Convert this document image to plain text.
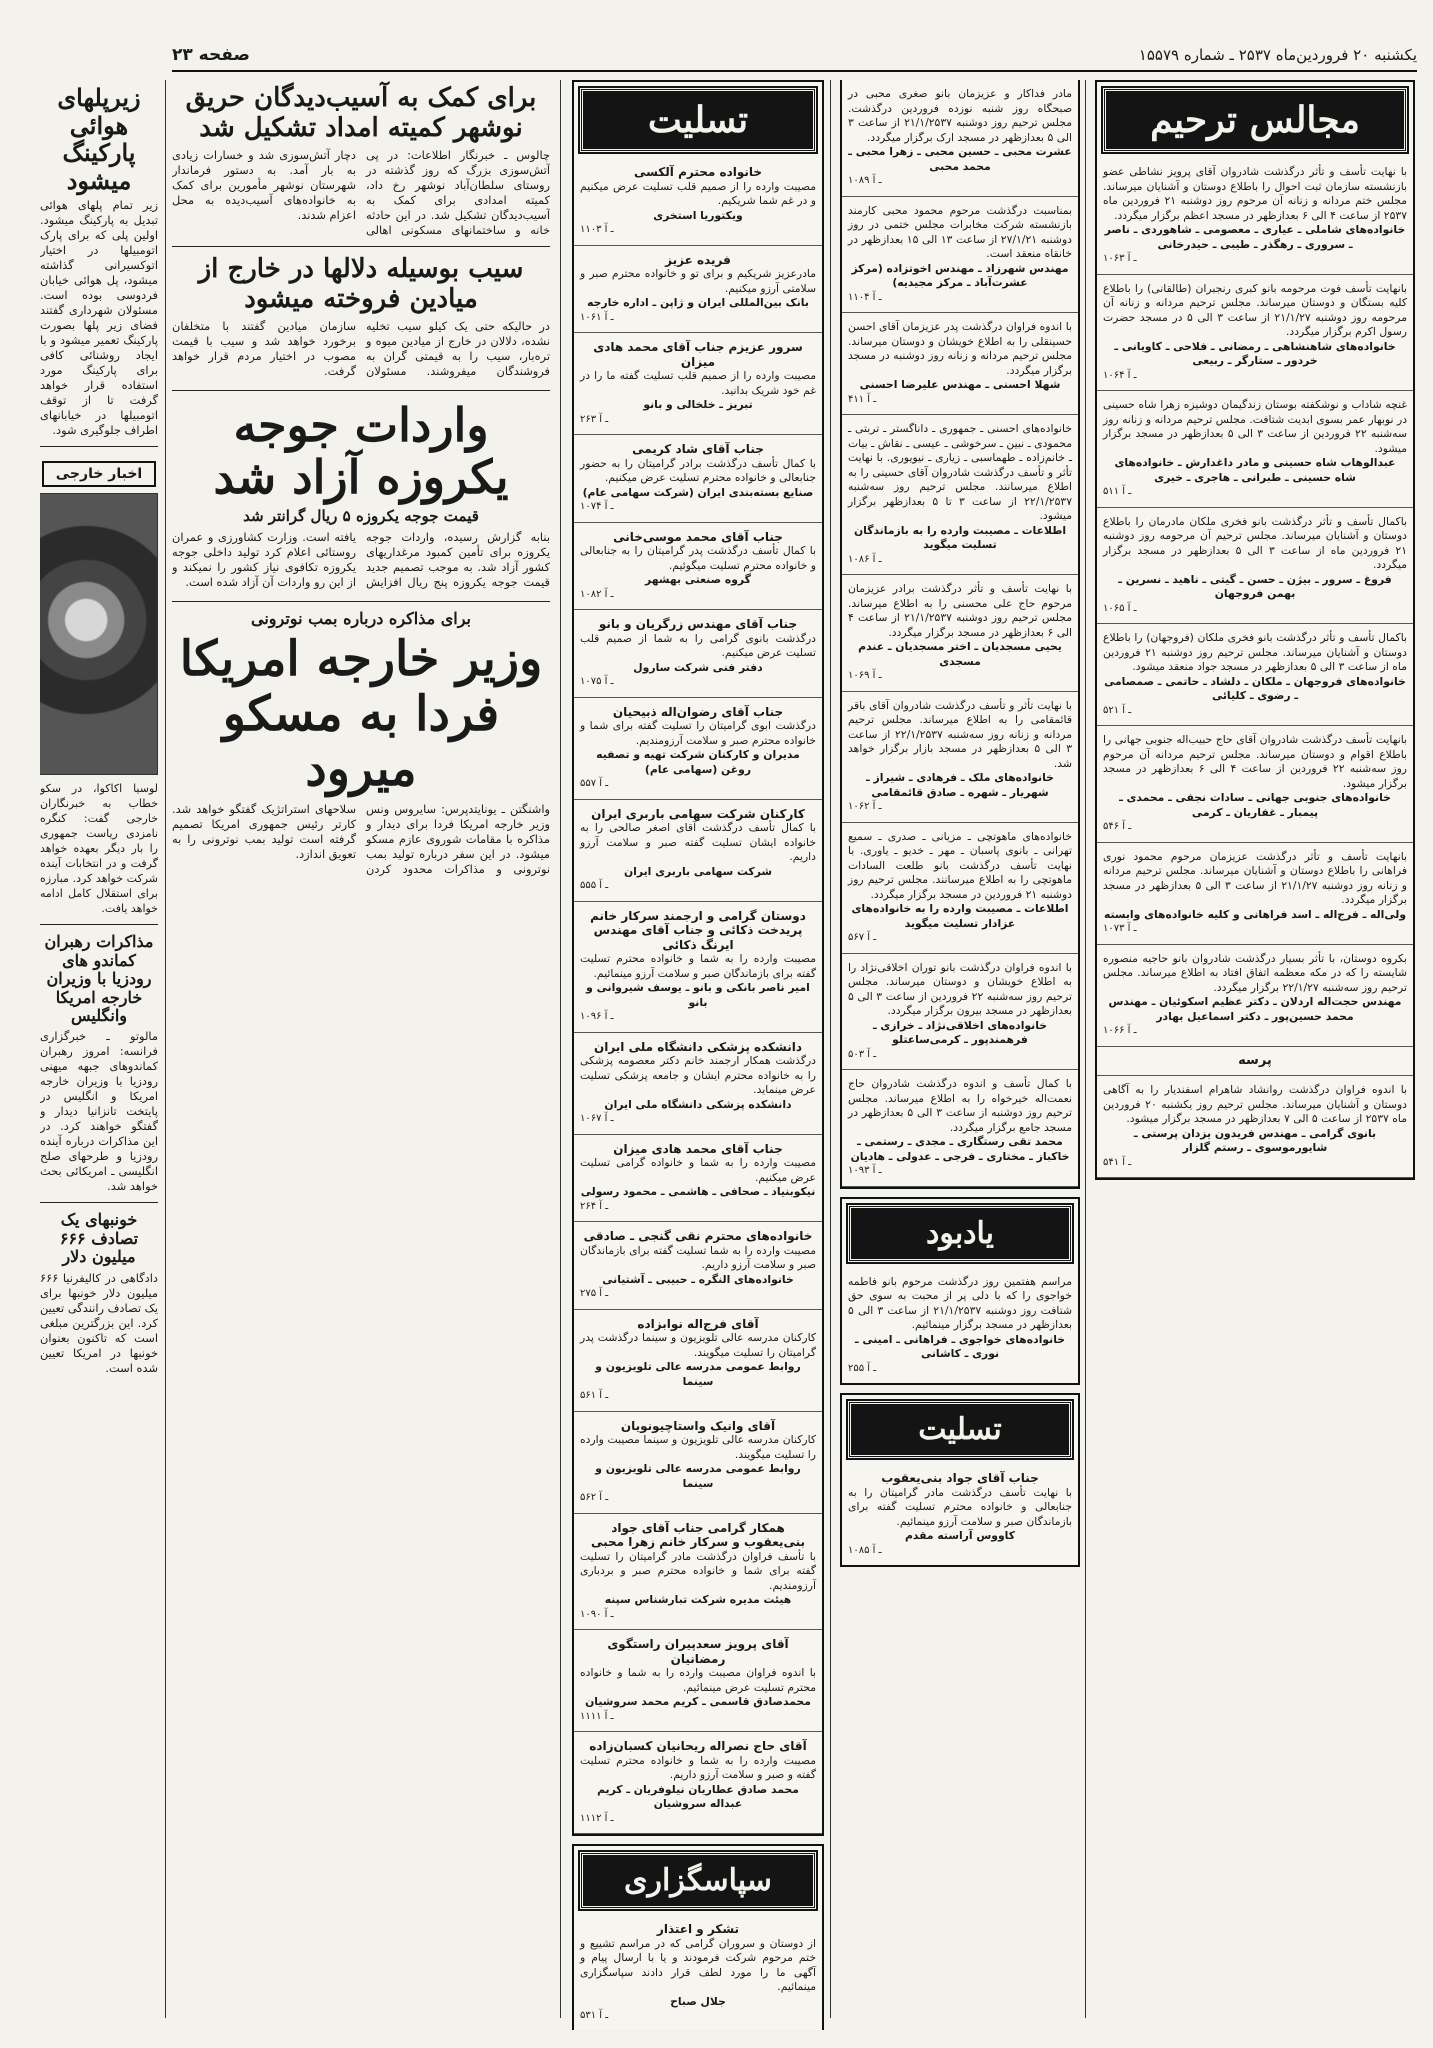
یکشنبه ۲۰ فروردین‌ماه ۲۵۳۷ ـ شماره ۱۵۵۷۹
صفحه ۲۳
مجالس ترحیم
با نهایت تأسف و تأثر درگذشت شادروان آقای پرویز نشاطی عضو بازنشسته سازمان ثبت احوال را باطلاع دوستان و آشنایان میرساند. مجلس ختم مردانه و زنانه آن مرحوم روز دوشنبه ۲۱ فروردین ماه ۲۵۳۷ از ساعت ۴ الی ۶ بعدازظهر در مسجد اعظم برگزار میگردد.
خانواده‌های شاملی ـ عیاری ـ معصومی ـ شاهوردی ـ ناصر ـ سروری ـ رهگذر ـ طیبی ـ حیدرخانی
۱۰۶۳ ـ آ
بانهایت تأسف فوت مرحومه بانو کبری رنجبران (طالقانی) را باطلاع کلیه بستگان و دوستان میرساند. مجلس ترحیم مردانه و زنانه آن مرحومه روز دوشنبه ۲۱/۱/۲۷ از ساعت ۳ الی ۵ در مسجد حضرت رسول اکرم برگزار میگردد.
خانواده‌های شاهنشاهی ـ رمضانی ـ فلاحی ـ کاویانی ـ خردور ـ ستارگر ـ ربیعی
۱۰۶۴ ـ آ
غنچه شاداب و نوشکفته بوستان زندگیمان دوشیزه زهرا شاه حسینی در نوبهار عمر بسوی ابدیت شتافت. مجلس ترحیم مردانه و زنانه روز سه‌شنبه ۲۲ فروردین از ساعت ۳ الی ۵ بعدازظهر در مسجد برگزار میشود.
عبدالوهاب شاه حسینی و مادر داغدارش ـ خانواده‌های شاه حسینی ـ طبرانی ـ هاجری ـ خیری
۵۱۱ ـ آ
باکمال تأسف و تأثر درگذشت بانو فخری ملکان مادرمان را باطلاع دوستان و آشنایان میرساند. مجلس ترحیم آن مرحومه روز دوشنبه ۲۱ فروردین ماه از ساعت ۳ الی ۵ بعدازظهر در مسجد برگزار میگردد.
فروغ ـ سرور ـ بیژن ـ حسن ـ گیتی ـ ناهید ـ نسرین ـ بهمن فروجهان
۱۰۶۵ ـ آ
باکمال تأسف و تأثر درگذشت بانو فخری ملکان (فروجهان) را باطلاع دوستان و آشنایان میرساند. مجلس ترحیم روز دوشنبه ۲۱ فروردین ماه از ساعت ۳ الی ۵ بعدازظهر در مسجد جواد منعقد میشود.
خانواده‌های فروجهان ـ ملکان ـ دلشاد ـ حاتمی ـ صمصامی ـ رضوی ـ کلیائی
۵۲۱ ـ آ
بانهایت تأسف درگذشت شادروان آقای حاج حبیب‌اله جنوبی جهانی را باطلاع اقوام و دوستان میرساند. مجلس ترحیم مردانه آن مرحوم روز سه‌شنبه ۲۲ فروردین از ساعت ۴ الی ۶ بعدازظهر در مسجد برگزار میشود.
خانواده‌های جنوبی جهانی ـ سادات نجفی ـ محمدی ـ پیمبار ـ غفاریان ـ کرمی
۵۴۶ ـ آ
بانهایت تأسف و تأثر درگذشت عزیزمان مرحوم محمود نوری فراهانی را باطلاع دوستان و آشنایان میرساند. مجلس ترحیم مردانه و زنانه روز دوشنبه ۲۱/۱/۲۷ از ساعت ۳ الی ۵ بعدازظهر در مسجد برگزار میگردد.
ولی‌اله ـ فرج‌اله ـ اسد فراهانی و کلیه خانواده‌های وابسته
۱۰۷۳ ـ آ
بکروه دوستان، با تأثر بسیار درگذشت شادروان بانو حاجیه منصوره شایسته را که در مکه معظمه اتفاق افتاد به اطلاع میرساند. مجلس ترحیم روز سه‌شنبه ۲۲/۱/۲۷ برگزار میگردد.
مهندس حجت‌اله اردلان ـ دکتر عظیم اسکوئیان ـ مهندس محمد حسین‌پور ـ دکتر اسماعیل بهادر
۱۰۶۶ ـ آ
پرسه
با اندوه فراوان درگذشت روانشاد شاهرام اسفندیار را به آگاهی دوستان و آشنایان میرساند. مجلس ترحیم روز یکشنبه ۲۰ فروردین ماه ۲۵۳۷ از ساعت ۵ الی ۷ بعدازظهر در مسجد برگزار میشود.
بانوی گرامی ـ مهندس فریدون یزدان پرستی ـ شایورموسوی ـ رستم گلزار
۵۴۱ ـ آ
مادر فداکار و عزیزمان بانو صغری محبی در صبحگاه روز شنبه نوزده فروردین درگذشت. مجلس ترحیم روز دوشنبه ۲۱/۱/۲۵۳۷ از ساعت ۳ الی ۵ بعدازظهر در مسجد ارک برگزار میگردد.
عشرت محبی ـ حسین محبی ـ زهرا محبی ـ محمد محبی
۱۰۸۹ ـ آ
بمناسبت درگذشت مرحوم محمود محبی کارمند بازنشسته شرکت مخابرات مجلس ختمی در روز دوشنبه ۲۷/۱/۲۱ از ساعت ۱۳ الی ۱۵ بعدازظهر در خانقاه منعقد است.
مهندس شهرزاد ـ مهندس اخوتزاده (مرکز عشرت‌آباد ـ مرکز مجیدیه)
۱۱۰۴ ـ آ
با اندوه فراوان درگذشت پدر عزیزمان آقای احسن حسینقلی را به اطلاع خویشان و دوستان میرساند. مجلس ترحیم مردانه و زنانه روز دوشنبه در مسجد برگزار میگردد.
شهلا احسنی ـ مهندس علیرضا احسنی
۴۱۱ ـ آ
خانواده‌های احسنی ـ جمهوری ـ داناگستر ـ تربتی ـ محمودی ـ نبین ـ سرخوشی ـ عیسی ـ نقاش ـ بیات ـ خانم‌زاده ـ طهماسبی ـ زیاری ـ نیویوری. با نهایت تأثر و تأسف درگذشت شادروان آقای حسینی را به اطلاع میرسانند. مجلس ترحیم روز سه‌شنبه ۲۲/۱/۲۵۳۷ از ساعت ۳ تا ۵ بعدازظهر برگزار میشود.
اطلاعات ـ مصیبت وارده را به بازماندگان تسلیت میگوید
۱۰۸۶ ـ آ
با نهایت تأسف و تأثر درگذشت برادر عزیزمان مرحوم حاج علی محسنی را به اطلاع میرساند. مجلس ترحیم روز دوشنبه ۲۱/۱/۲۵۳۷ از ساعت ۴ الی ۶ بعدازظهر در مسجد برگزار میگردد.
یحیی مسجدیان ـ اختر مسجدیان ـ عندم مسجدی
۱۰۶۹ ـ آ
با نهایت تأثر و تأسف درگذشت شادروان آقای باقر قائمقامی را به اطلاع میرساند. مجلس ترحیم مردانه و زنانه روز سه‌شنبه ۲۲/۱/۲۵۳۷ از ساعت ۳ الی ۵ بعدازظهر در مسجد بازار برگزار خواهد شد.
خانواده‌های ملک ـ فرهادی ـ شیراز ـ شهریار ـ شهره ـ صادق قائمقامی
۱۰۶۲ ـ آ
خانواده‌های ماهوتچی ـ مزیانی ـ صدری ـ سمیع تهرانی ـ بانوی پاسبان ـ مهر ـ خدیو ـ یاوری. با نهایت تأسف درگذشت بانو طلعت السادات ماهوتچی را به اطلاع میرسانند. مجلس ترحیم روز دوشنبه ۲۱ فروردین در مسجد برگزار میگردد.
اطلاعات ـ مصیبت وارده را به خانواده‌های عزادار تسلیت میگوید
۵۶۷ ـ آ
با اندوه فراوان درگذشت بانو توران اخلاقی‌نژاد را به اطلاع خویشان و دوستان میرساند. مجلس ترحیم روز سه‌شنبه ۲۲ فروردین از ساعت ۳ الی ۵ بعدازظهر در مسجد بیرون برگزار میگردد.
خانواده‌های اخلاقی‌نژاد ـ خرازی ـ فرهمندپور ـ کرمی‌ساعتلو
۵۰۳ ـ آ
با کمال تأسف و اندوه درگذشت شادروان حاج نعمت‌اله خیرخواه را به اطلاع میرساند. مجلس ترحیم روز دوشنبه از ساعت ۳ الی ۵ بعدازظهر در مسجد جامع برگزار میگردد.
محمد تقی رستگاری ـ مجدی ـ رستمی ـ خاکباز ـ مختاری ـ فرجی ـ عدولی ـ هادیان
۱۰۹۳ ـ آ
یادبود
مراسم هفتمین روز درگذشت مرحوم بانو فاطمه خواجوی را که با دلی پر از محبت به سوی حق شتافت روز دوشنبه ۲۱/۱/۲۵۳۷ از ساعت ۳ الی ۵ بعدازظهر در مسجد برگزار مینمائیم.
خانواده‌های خواجوی ـ فراهانی ـ امینی ـ نوری ـ کاشانی
۲۵۵ ـ آ
تسلیت
جناب آقای جواد بنی‌یعقوب
با نهایت تأسف درگذشت مادر گرامیتان را به جنابعالی و خانواده محترم تسلیت گفته برای بازماندگان صبر و سلامت آرزو مینمائیم.
کاووس آراسته مقدم
۱۰۸۵ ـ آ
تسلیت
خانواده محترم آلکسی
مصیبت وارده را از صمیم قلب تسلیت عرض میکنیم و در غم شما شریکیم.
ویکتوریا استخری
۱۱۰۳ ـ آ
فریده عزیز
مادرعزیز شریکیم و برای تو و خانواده محترم صبر و سلامتی آرزو میکنیم.
بانک بین‌المللی ایران و ژاپن ـ اداره خارجه
۱۰۶۱ ـ آ
سرور عزیزم جناب آقای محمد هادی میزان
مصیبت وارده را از صمیم قلب تسلیت گفته ما را در غم خود شریک بدانید.
تبریز ـ خلخالی و بانو
۲۶۳ ـ آ
جناب آقای شاد کریمی
با کمال تأسف درگذشت برادر گرامیتان را به حضور جنابعالی و خانواده محترم تسلیت عرض میکنیم.
صنایع بسته‌بندی ایران (شرکت سهامی عام)
۱۰۷۴ ـ آ
جناب آقای محمد موسی‌خانی
با کمال تأسف درگذشت پدر گرامیتان را به جنابعالی و خانواده محترم تسلیت میگوئیم.
گروه صنعتی بهشهر
۱۰۸۲ ـ آ
جناب آقای مهندس زرگریان و بانو
درگذشت بانوی گرامی را به شما از صمیم قلب تسلیت عرض میکنیم.
دفتر فنی شرکت سارول
۱۰۷۵ ـ آ
جناب آقای رضوان‌اله ذبیحیان
درگذشت ابوی گرامیتان را تسلیت گفته برای شما و خانواده محترم صبر و سلامت آرزومندیم.
مدیران و کارکنان شرکت تهیه و تصفیه روغن (سهامی عام)
۵۵۷ ـ آ
کارکنان شرکت سهامی باربری ایران
با کمال تأسف درگذشت آقای اصغر صالحی را به خانواده ایشان تسلیت گفته صبر و سلامت آرزو داریم.
شرکت سهامی باربری ایران
۵۵۵ ـ آ
دوستان گرامی و ارجمند سرکار خانم پریدخت ذکائی و جناب آقای مهندس ایرنگ ذکائی
مصیبت وارده را به شما و خانواده محترم تسلیت گفته برای بازماندگان صبر و سلامت آرزو مینمائیم.
امیر ناصر بانکی و بانو ـ یوسف شیروانی و بانو
۱۰۹۶ ـ آ
دانشکده پزشکی دانشگاه ملی ایران
درگذشت همکار ارجمند خانم دکتر معصومه پزشکی را به خانواده محترم ایشان و جامعه پزشکی تسلیت عرض مینماید.
دانشکده پزشکی دانشگاه ملی ایران
۱۰۶۷ ـ آ
جناب آقای محمد هادی میزان
مصیبت وارده را به شما و خانواده گرامی تسلیت عرض میکنیم.
نیکوبنیاد ـ صحافی ـ هاشمی ـ محمود رسولی
۲۶۴ ـ آ
خانواده‌های محترم نقی گنجی ـ صادقی
مصیبت وارده را به شما تسلیت گفته برای بازماندگان صبر و سلامت آرزو داریم.
خانواده‌های النگره ـ حبیبی ـ آشتیانی
۲۷۵ ـ آ
آقای فرج‌اله نوابزاده
کارکنان مدرسه عالی تلویزیون و سینما درگذشت پدر گرامیتان را تسلیت میگویند.
روابط عمومی مدرسه عالی تلویزیون و سینما
۵۶۱ ـ آ
آقای وانیک واستاچیونویان
کارکنان مدرسه عالی تلویزیون و سینما مصیبت وارده را تسلیت میگویند.
روابط عمومی مدرسه عالی تلویزیون و سینما
۵۶۲ ـ آ
همکار گرامی جناب آقای جواد بنی‌یعقوب و سرکار خانم زهرا محبی
با تأسف فراوان درگذشت مادر گرامیتان را تسلیت گفته برای شما و خانواده محترم صبر و بردباری آرزومندیم.
هیئت مدیره شرکت تبارشناس سپنه
۱۰۹۰ ـ آ
آقای پرویز سعدپیران راستگوی رمضانیان
با اندوه فراوان مصیبت وارده را به شما و خانواده محترم تسلیت عرض مینمائیم.
محمدصادق قاسمی ـ کریم محمد سروشیان
۱۱۱۱ ـ آ
آقای حاج نصراله ریحانیان کسبان‌زاده
مصیبت وارده را به شما و خانواده محترم تسلیت گفته و صبر و سلامت آرزو داریم.
محمد صادق عطاریان نیلوفریان ـ کریم عبداله سروشیان
۱۱۱۲ ـ آ
سپاسگزاری
تشکر و اعتذار
از دوستان و سروران گرامی که در مراسم تشییع و ختم مرحوم شرکت فرمودند و یا با ارسال پیام و آگهی ما را مورد لطف قرار دادند سپاسگزاری مینمائیم.
جلال صباح
۵۳۱ ـ آ
برای کمک به آسیب‌دیدگان حریق نوشهر کمیته امداد تشکیل شد

چالوس ـ خبرنگار اطلاعات: در پی آتش‌سوزی بزرگ که روز گذشته در روستای سلطان‌آباد نوشهر رخ داد، کمیته امدادی برای کمک به آسیب‌دیدگان تشکیل شد. در این حادثه خانه و ساختمانهای مسکونی اهالی دچار آتش‌سوزی شد و خسارات زیادی به بار آمد. به دستور فرماندار شهرستان نوشهر مأمورین برای کمک به خانواده‌های آسیب‌دیده به محل اعزام شدند.

سیب بوسیله دلالها در خارج از میادین فروخته میشود

در حالیکه حتی یک کیلو سیب تخلیه نشده، دلالان در خارج از میادین میوه و تره‌بار، سیب را به قیمتی گران به فروشندگان میفروشند. مسئولان سازمان میادین گفتند با متخلفان برخورد خواهد شد و سیب با قیمت مصوب در اختیار مردم قرار خواهد گرفت.

واردات جوجه یکروزه آزاد شد
قیمت جوجه یکروزه ۵ ریال گرانتر شد

بنابه گزارش رسیده، واردات جوجه یکروزه برای تأمین کمبود مرغداریهای کشور آزاد شد. به موجب تصمیم جدید قیمت جوجه یکروزه پنج ریال افزایش یافته است. وزارت کشاورزی و عمران روستائی اعلام کرد تولید داخلی جوجه یکروزه تکافوی نیاز کشور را نمیکند و از این رو واردات آن آزاد شده است.

برای مذاکره درباره بمب نوترونی
وزیر خارجه امریکا فردا به مسکو میرود

واشنگتن ـ یونایتدپرس: سایروس ونس وزیر خارجه امریکا فردا برای دیدار و مذاکره با مقامات شوروی عازم مسکو میشود. در این سفر درباره تولید بمب نوترونی و مذاکرات محدود کردن سلاحهای استراتژیک گفتگو خواهد شد. کارتر رئیس جمهوری امریکا تصمیم گرفته است تولید بمب نوترونی را به تعویق اندازد.

زیرپلهای هوائی پارکینگ میشود

زیر تمام پلهای هوائی تبدیل به پارکینگ میشود. اولین پلی که برای پارک اتومبیلها در اختیار اتوکسیرانی گذاشته میشود، پل هوائی خیابان فردوسی بوده است. مسئولان شهرداری گفتند فضای زیر پلها بصورت پارکینگ تعمیر میشود و با ایجاد روشنائی کافی برای پارکینگ مورد استفاده قرار خواهد گرفت تا از توقف اتومبیلها در خیابانهای اطراف جلوگیری شود.

اخبار خارجی
لوسیا اکاکوا، در سکو خطاب به خبرنگاران خارجی گفت: کنگره نامزدی ریاست جمهوری را بار دیگر بعهده خواهد گرفت و در انتخابات آینده شرکت خواهد کرد. مبارزه برای استقلال کامل ادامه خواهد یافت.
مذاکرات رهبران کماندو های رودزیا با وزیران خارجه امریکا وانگلیس

مالوتو ـ خبرگزاری فرانسه: امروز رهبران کماندوهای جبهه میهنی رودزیا با وزیران خارجه امریکا و انگلیس در پایتخت تانزانیا دیدار و گفتگو خواهند کرد. در این مذاکرات درباره آینده رودزیا و طرحهای صلح انگلیسی ـ امریکائی بحث خواهد شد.

خونبهای یک تصادف ۶۶۶ میلیون دلار

دادگاهی در کالیفرنیا ۶۶۶ میلیون دلار خونبها برای یک تصادف رانندگی تعیین کرد. این بزرگترین مبلغی است که تاکنون بعنوان خونبها در امریکا تعیین شده است.
